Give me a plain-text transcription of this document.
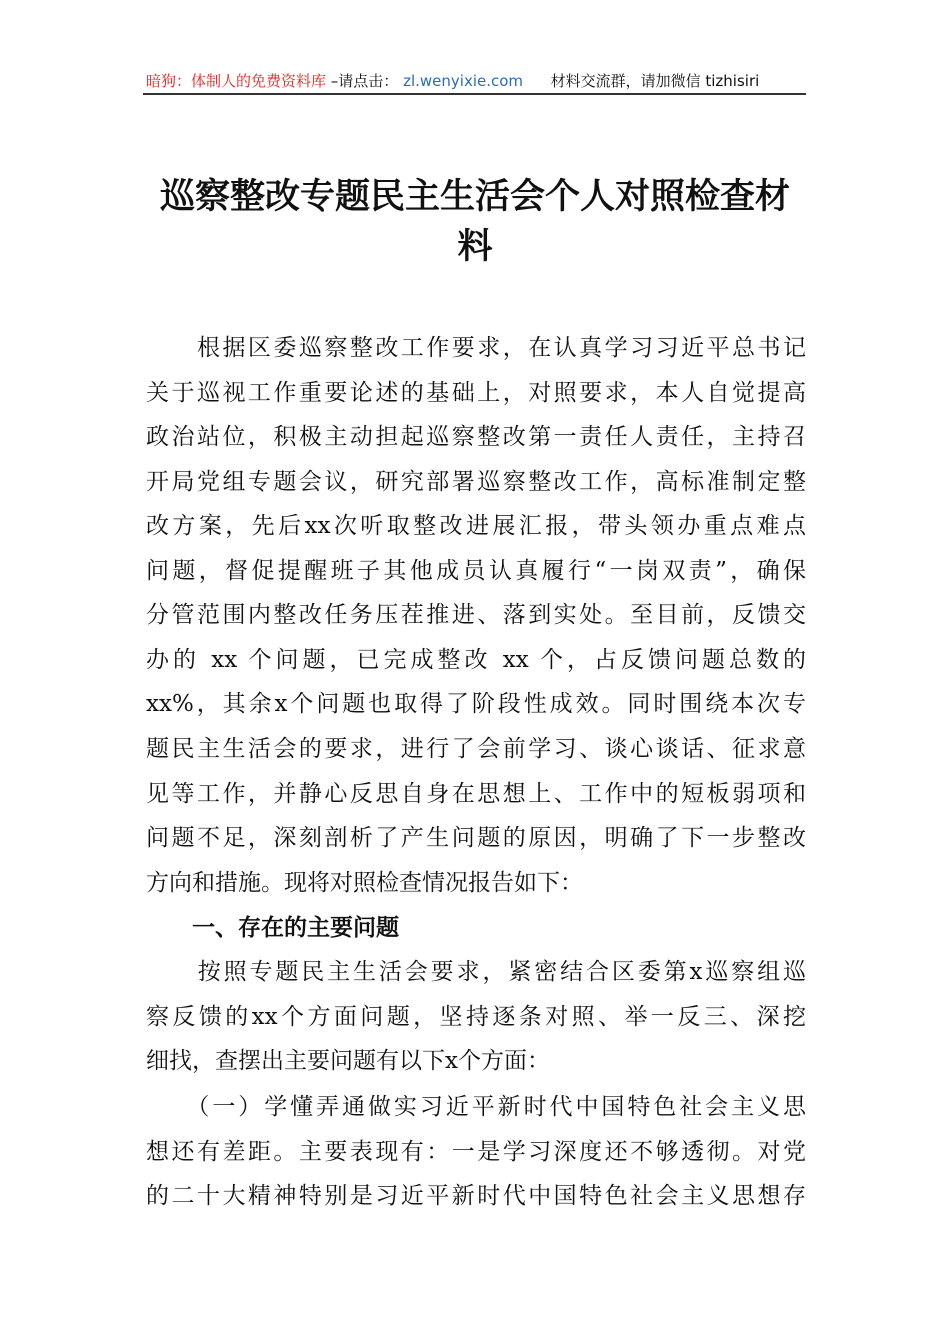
暗狗：体制人的免费资料库 –请点击： zl.wenyixie.com 材料交流群，请加微信 tizhisiri
巡察整改专题民主生活会个人对照检查材
料
　　根据区委巡察整改工作要求，在认真学习习近平总书记
关于巡视工作重要论述的基础上，对照要求，本人自觉提高
政治站位，积极主动担起巡察整改第一责任人责任，主持召
开局党组专题会议，研究部署巡察整改工作，高标准制定整
改方案，先后xx次听取整改进展汇报，带头领办重点难点
问题，督促提醒班子其他成员认真履行“一岗双责”，确保
分管范围内整改任务压茬推进、落到实处。至目前，反馈交
办的 xx 个问题，已完成整改 xx 个，占反馈问题总数的
xx%，其余x个问题也取得了阶段性成效。同时围绕本次专
题民主生活会的要求，进行了会前学习、谈心谈话、征求意
见等工作，并静心反思自身在思想上、工作中的短板弱项和
问题不足，深刻剖析了产生问题的原因，明确了下一步整改
方向和措施。现将对照检查情况报告如下：
　　一、存在的主要问题
　　按照专题民主生活会要求，紧密结合区委第x巡察组巡
察反馈的xx个方面问题，坚持逐条对照、举一反三、深挖
细找，查摆出主要问题有以下x个方面：
　　（一）学懂弄通做实习近平新时代中国特色社会主义思
想还有差距。主要表现有：一是学习深度还不够透彻。对党
的二十大精神特别是习近平新时代中国特色社会主义思想存
